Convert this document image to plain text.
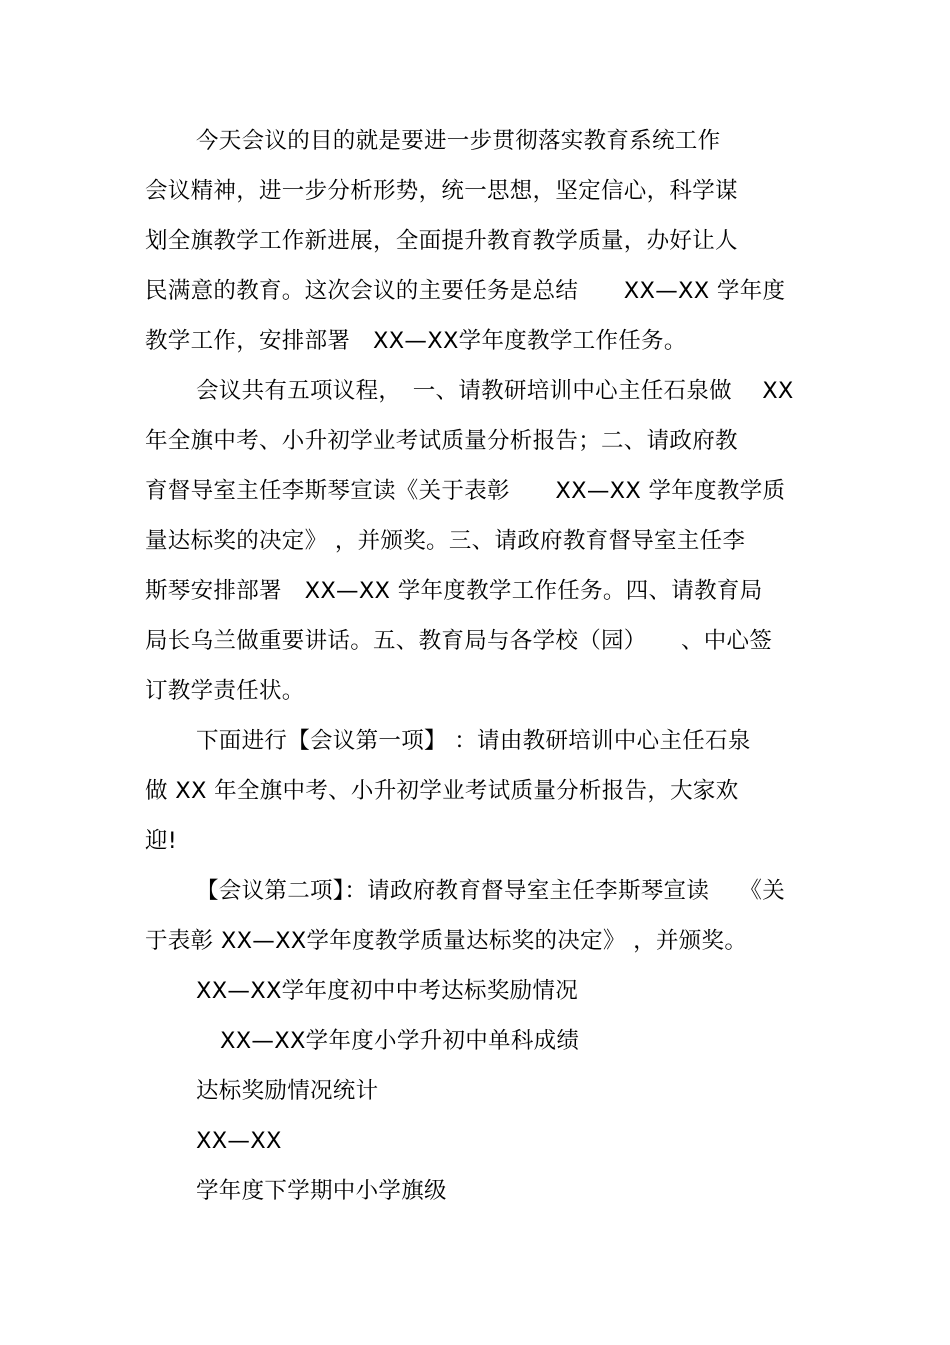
今天会议的目的就是要进一步贯彻落实教育系统工作
会议精神，进一步分析形势，统一思想，坚定信心，科学谋
划全旗教学工作新进展，全面提升教育教学质量，办好让人
民满意的教育。这次会议的主要任务是总结　　XX—XX 学年度
教学工作，安排部署　XX—XX学年度教学工作任务。
会议共有五项议程，　一、请教研培训中心主任石泉做　 XX
年全旗中考、小升初学业考试质量分析报告；二、请政府教
育督导室主任李斯琴宣读《关于表彰　　XX—XX 学年度教学质
量达标奖的决定》 ，并颁奖。三、请政府教育督导室主任李
斯琴安排部署　XX—XX 学年度教学工作任务。四、请教育局
局长乌兰做重要讲话。五、教育局与各学校（园）　　、中心签
订教学责任状。
下面进行【会议第一项】 ：请由教研培训中心主任石泉
做 XX 年全旗中考、小升初学业考试质量分析报告，大家欢
迎!
【会议第二项】：请政府教育督导室主任李斯琴宣读　 《关
于表彰 XX—XX学年度教学质量达标奖的决定》 ，并颁奖。
XX—XX学年度初中中考达标奖励情况
XX—XX学年度小学升初中单科成绩
达标奖励情况统计
XX—XX
学年度下学期中小学旗级
